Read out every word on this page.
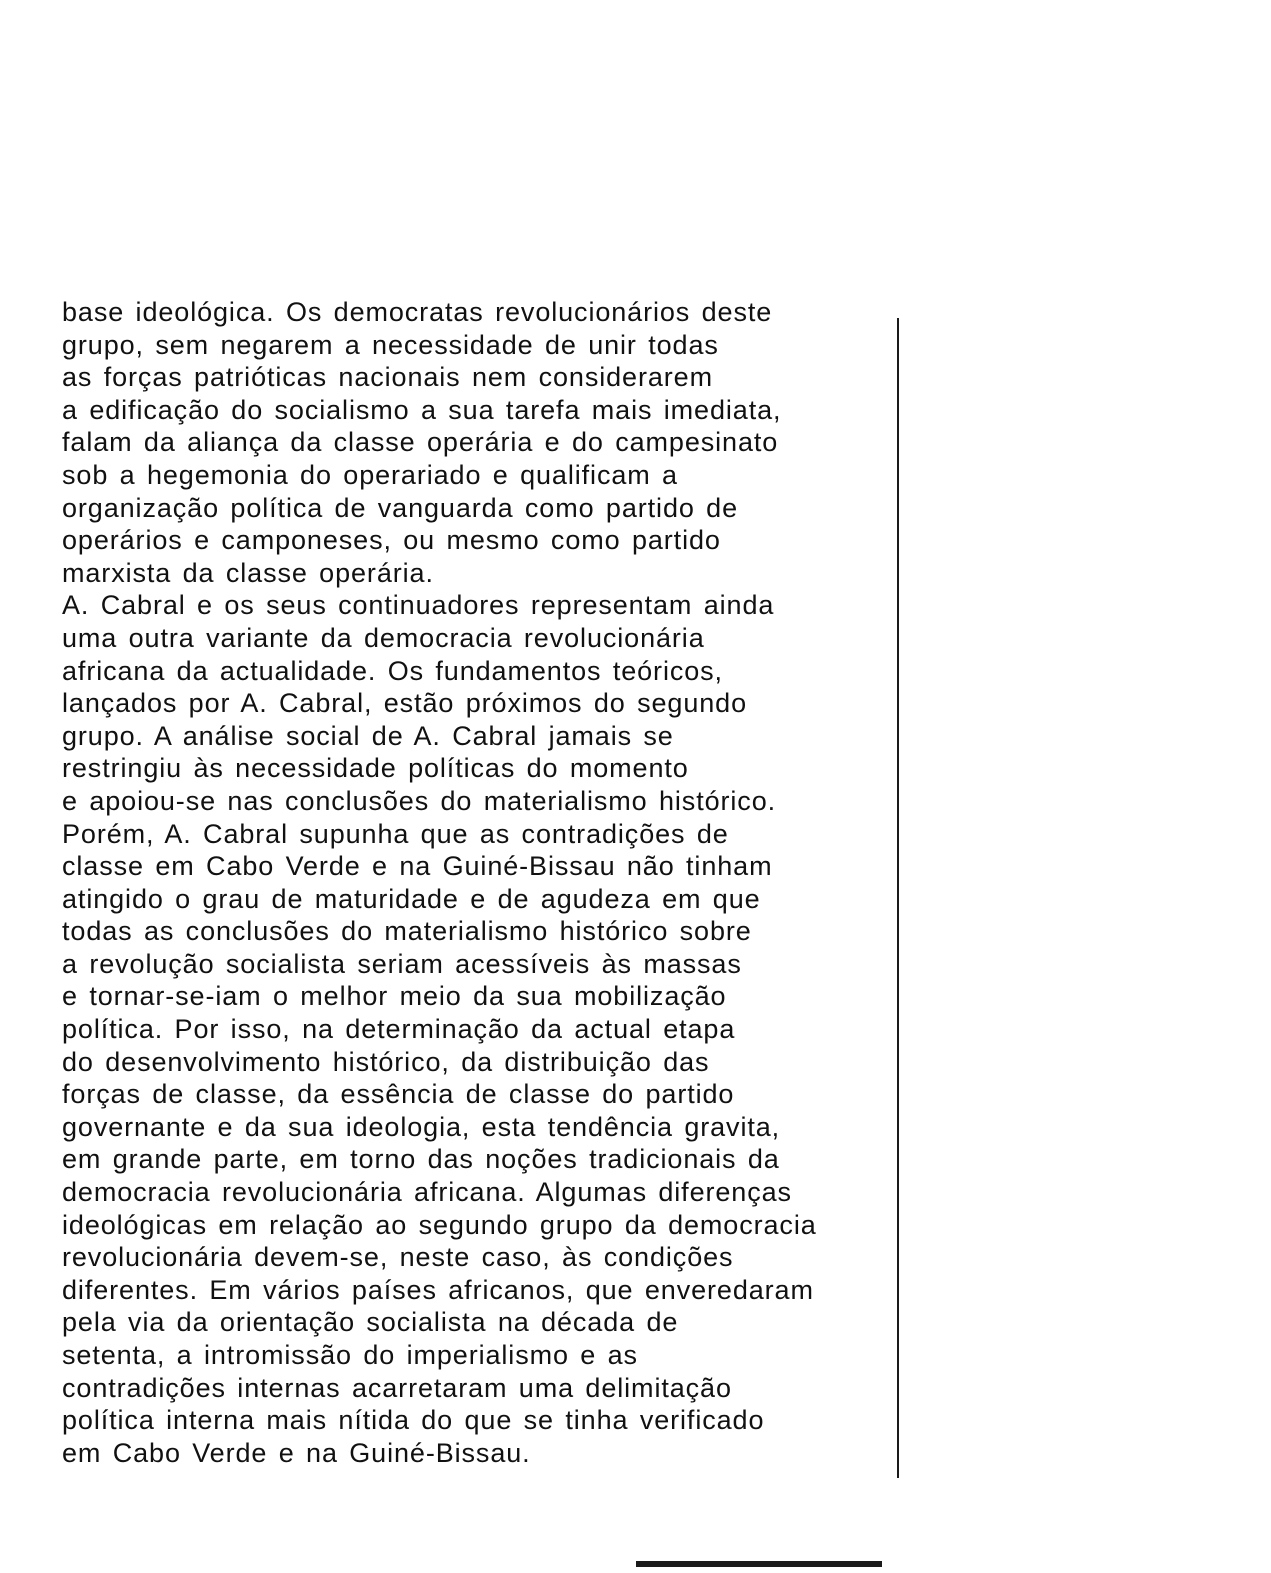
base ideológica. Os democratas revolucionários deste
grupo, sem negarem a necessidade de unir todas
as forças patrióticas nacionais nem considerarem
a edificação do socialismo a sua tarefa mais imediata,
falam da aliança da classe operária e do campesinato
sob a hegemonia do operariado e qualificam a
organização política de vanguarda como partido de
operários e camponeses, ou mesmo como partido
marxista da classe operária.
A. Cabral e os seus continuadores representam ainda
uma outra variante da democracia revolucionária
africana da actualidade. Os fundamentos teóricos,
lançados por A. Cabral, estão próximos do segundo
grupo. A análise social de A. Cabral jamais se
restringiu às necessidade políticas do momento
e apoiou-se nas conclusões do materialismo histórico.
Porém, A. Cabral supunha que as contradições de
classe em Cabo Verde e na Guiné-Bissau não tinham
atingido o grau de maturidade e de agudeza em que
todas as conclusões do materialismo histórico sobre
a revolução socialista seriam acessíveis às massas
e tornar-se-iam o melhor meio da sua mobilização
política. Por isso, na determinação da actual etapa
do desenvolvimento histórico, da distribuição das
forças de classe, da essência de classe do partido
governante e da sua ideologia, esta tendência gravita,
em grande parte, em torno das noções tradicionais da
democracia revolucionária africana. Algumas diferenças
ideológicas em relação ao segundo grupo da democracia
revolucionária devem-se, neste caso, às condições
diferentes. Em vários países africanos, que enveredaram
pela via da orientação socialista na década de
setenta, a intromissão do imperialismo e as
contradições internas acarretaram uma delimitação
política interna mais nítida do que se tinha verificado
em Cabo Verde e na Guiné-Bissau.
